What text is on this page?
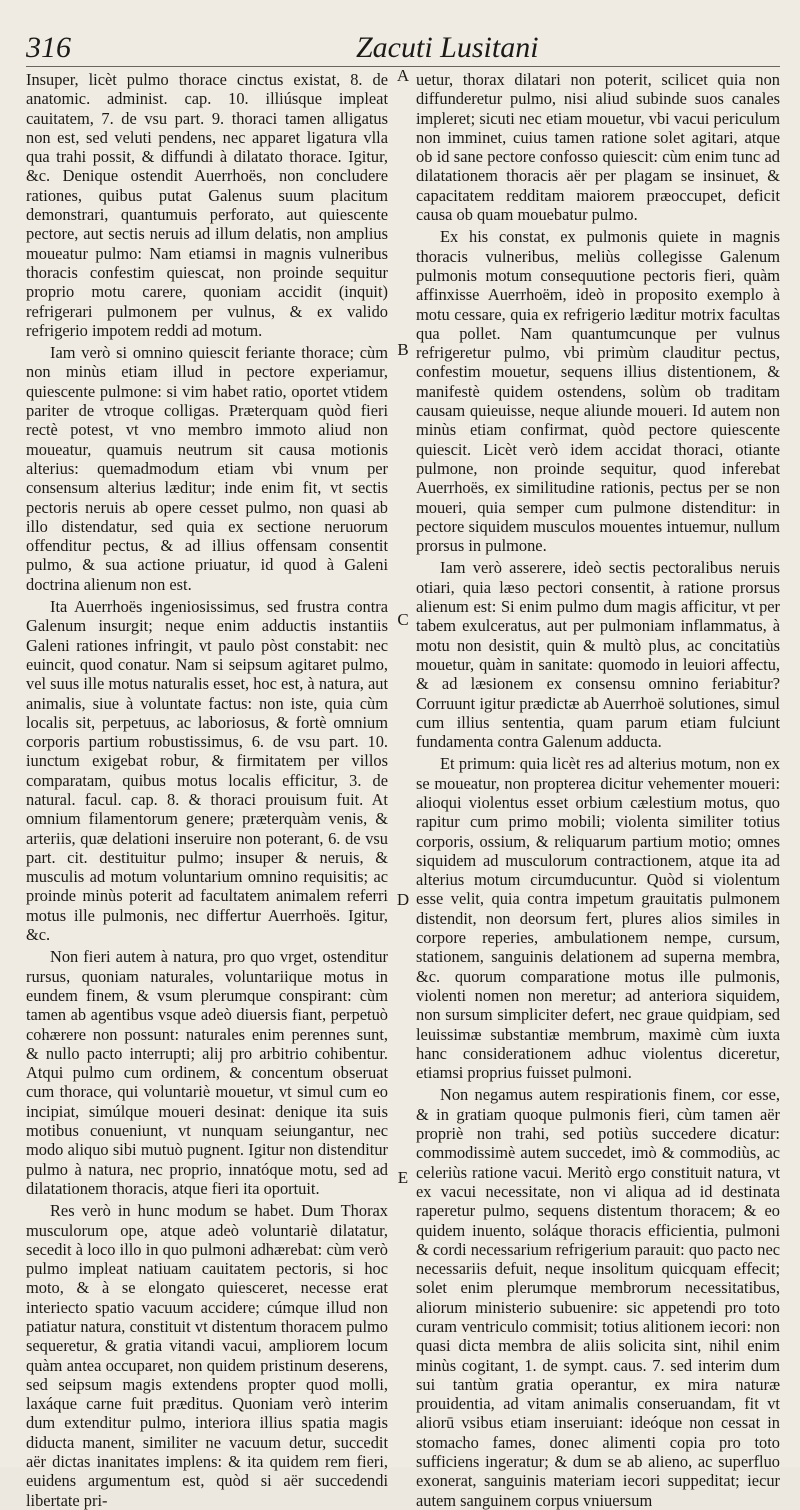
316	Zacuti Lusitani

Insuper, licèt pulmo thorace cinctus existat, 8. de anatomic. administ. cap. 10. illiúsque impleat cauitatem, 7. de vsu part. 9. thoraci tamen alligatus non est, sed veluti pendens, nec apparet ligatura vlla qua trahi possit, & diffundi à dilatato thorace. Igitur, &c. Denique ostendit Auerrhoës, non concludere rationes, quibus putat Galenus suum placitum demonstrari, quantumuis perforato, aut quiescente pectore, aut sectis neruis ad illum delatis, non amplius moueatur pulmo: Nam etiamsi in magnis vulneribus thoracis confestim quiescat, non proinde sequitur proprio motu carere, quoniam accidit (inquit) refrigerari pulmonem per vulnus, & ex valido refrigerio impotem reddi ad motum.

Iam verò si omnino quiescit feriante thorace; cùm non minùs etiam illud in pectore experiamur, quiescente pulmone: si vim habet ratio, oportet vtidem pariter de vtroque colligas. Præterquam quòd fieri rectè potest, vt vno membro immoto aliud non moueatur, quamuis neutrum sit causa motionis alterius: quemadmodum etiam vbi vnum per consensum alterius læditur; inde enim fit, vt sectis pectoris neruis ab opere cesset pulmo, non quasi ab illo distendatur, sed quia ex sectione neruorum offenditur pectus, & ad illius offensam consentit pulmo, & sua actione priuatur, id quod à Galeni doctrina alienum non est.

Ita Auerrhoës ingeniosissimus, sed frustra contra Galenum insurgit; neque enim adductis instantiis Galeni rationes infringit, vt paulo pòst constabit: nec euincit, quod conatur. Nam si seipsum agitaret pulmo, vel suus ille motus naturalis esset, hoc est, à natura, aut animalis, siue à voluntate factus: non iste, quia cùm localis sit, perpetuus, ac laboriosus, & fortè omnium corporis partium robustissimus, 6. de vsu part. 10. iunctum exigebat robur, & firmitatem per villos comparatam, quibus motus localis efficitur, 3. de natural. facul. cap. 8. & thoraci prouisum fuit. At omnium filamentorum genere; præterquàm venis, & arteriis, quæ delationi inseruire non poterant, 6. de vsu part. cit. destituitur pulmo; insuper & neruis, & musculis ad motum voluntarium omnino requisitis; ac proinde minùs poterit ad facultatem animalem referri motus ille pulmonis, nec differtur Auerrhoës. Igitur, &c.

Non fieri autem à natura, pro quo vrget, ostenditur rursus, quoniam naturales, voluntariique motus in eundem finem, & vsum plerumque conspirant: cùm tamen ab agentibus vsque adeò diuersis fiant, perpetuò cohærere non possunt: naturales enim perennes sunt, & nullo pacto interrupti; alij pro arbitrio cohibentur. Atqui pulmo cum ordinem, & concentum obseruat cum thorace, qui voluntariè mouetur, vt simul cum eo incipiat, simúlque moueri desinat: denique ita suis motibus conueniunt, vt nunquam seiungantur, nec modo aliquo sibi mutuò pugnent. Igitur non distenditur pulmo à natura, nec proprio, innatóque motu, sed ad dilatationem thoracis, atque fieri ita oportuit.

Res verò in hunc modum se habet. Dum Thorax musculorum ope, atque adeò voluntariè dilatatur, secedit à loco illo in quo pulmoni adhærebat: cùm verò pulmo impleat natiuam cauitatem pectoris, si hoc moto, & à se elongato quiesceret, necesse erat interiecto spatio vacuum accidere; cúmque illud non patiatur natura, constituit vt distentum thoracem pulmo sequeretur, & gratia vitandi vacui, ampliorem locum quàm antea occuparet, non quidem pristinum deserens, sed seipsum magis extendens propter quod molli, laxáque carne fuit præditus. Quoniam verò interim dum extenditur pulmo, interiora illius spatia magis diducta manent, similiter ne vacuum detur, succedit aër dictas inanitates implens: & ita quidem rem fieri, euidens argumentum est, quòd si aër succedendi libertate pri-

A
B
C
D
E

uetur, thorax dilatari non poterit, scilicet quia non diffunderetur pulmo, nisi aliud subinde suos canales impleret; sicuti nec etiam mouetur, vbi vacui periculum non imminet, cuius tamen ratione solet agitari, atque ob id sane pectore confosso quiescit: cùm enim tunc ad dilatationem thoracis aër per plagam se insinuet, & capacitatem redditam maiorem præoccupet, deficit causa ob quam mouebatur pulmo.

Ex his constat, ex pulmonis quiete in magnis thoracis vulneribus, meliùs collegisse Galenum pulmonis motum consequutione pectoris fieri, quàm affinxisse Auerrhoëm, ideò in proposito exemplo à motu cessare, quia ex refrigerio læditur motrix facultas qua pollet. Nam quantumcunque per vulnus refrigeretur pulmo, vbi primùm clauditur pectus, confestim mouetur, sequens illius distentionem, & manifestè quidem ostendens, solùm ob traditam causam quieuisse, neque aliunde moueri. Id autem non minùs etiam confirmat, quòd pectore quiescente quiescit. Licèt verò idem accidat thoraci, otiante pulmone, non proinde sequitur, quod inferebat Auerrhoës, ex similitudine rationis, pectus per se non moueri, quia semper cum pulmone distenditur: in pectore siquidem musculos mouentes intuemur, nullum prorsus in pulmone.

Iam verò asserere, ideò sectis pectoralibus neruis otiari, quia læso pectori consentit, à ratione prorsus alienum est: Si enim pulmo dum magis afficitur, vt per tabem exulceratus, aut per pulmoniam inflammatus, à motu non desistit, quin & multò plus, ac concitatiùs mouetur, quàm in sanitate: quomodo in leuiori affectu, & ad læsionem ex consensu omnino feriabitur? Corruunt igitur prædictæ ab Auerrhoë solutiones, simul cum illius sententia, quam parum etiam fulciunt fundamenta contra Galenum adducta.

Et primum: quia licèt res ad alterius motum, non ex se moueatur, non propterea dicitur vehementer moueri: alioqui violentus esset orbium cælestium motus, quo rapitur cum primo mobili; violenta similiter totius corporis, ossium, & reliquarum partium motio; omnes siquidem ad musculorum contractionem, atque ita ad alterius motum circumducuntur. Quòd si violentum esse velit, quia contra impetum grauitatis pulmonem distendit, non deorsum fert, plures alios similes in corpore reperies, ambulationem nempe, cursum, stationem, sanguinis delationem ad superna membra, &c. quorum comparatione motus ille pulmonis, violenti nomen non meretur; ad anteriora siquidem, non sursum simpliciter defert, nec graue quidpiam, sed leuissimæ substantiæ membrum, maximè cùm iuxta hanc considerationem adhuc violentus diceretur, etiamsi proprius fuisset pulmoni.

Non negamus autem respirationis finem, cor esse, & in gratiam quoque pulmonis fieri, cùm tamen aër propriè non trahi, sed potiùs succedere dicatur: commodissimè autem succedet, imò & commodiùs, ac celeriùs ratione vacui. Meritò ergo constituit natura, vt ex vacui necessitate, non vi aliqua ad id destinata raperetur pulmo, sequens distentum thoracem; & eo quidem inuento, soláque thoracis efficientia, pulmoni & cordi necessarium refrigerium parauit: quo pacto nec necessariis defuit, neque insolitum quicquam effecit; solet enim plerumque membrorum necessitatibus, aliorum ministerio subuenire: sic appetendi pro toto curam ventriculo commisit; totius alitionem iecori: non quasi dicta membra de aliis solicita sint, nihil enim minùs cogitant, 1. de sympt. caus. 7. sed interim dum sui tantùm gratia operantur, ex mira naturæ prouidentia, ad vitam animalis conseruandam, fit vt aliorū vsibus etiam inseruiant: ideóque non cessat in stomacho fames, donec alimenti copia pro toto sufficiens ingeratur; & dum se ab alieno, ac superfluo exonerat, sanguinis materiam iecori suppeditat; iecur autem sanguinem corpus vniuersum
